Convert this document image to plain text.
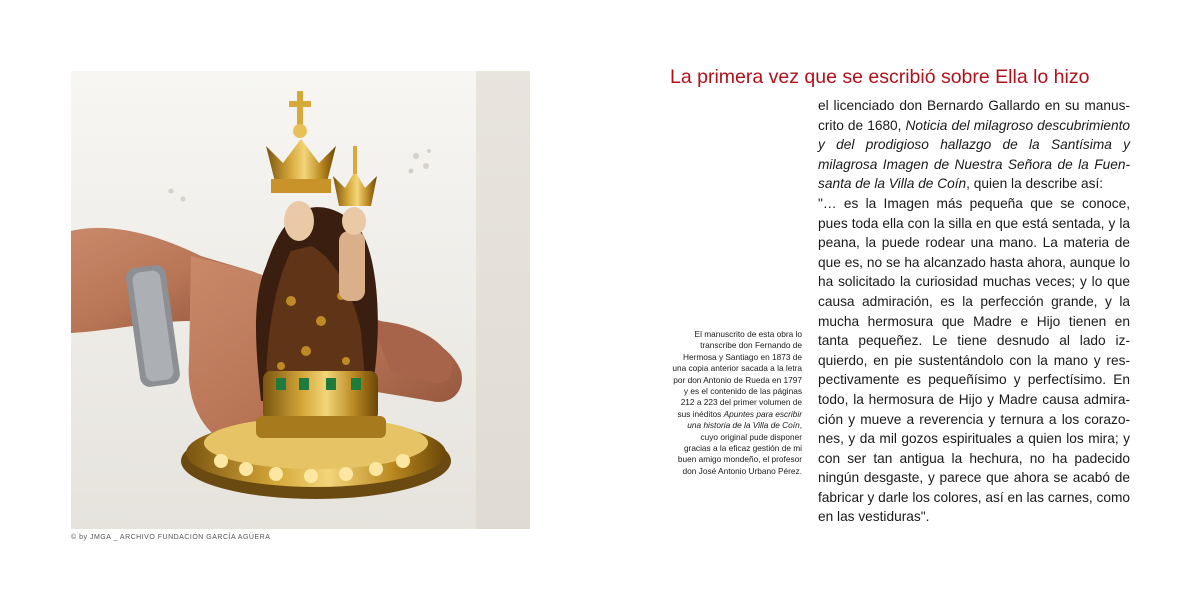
© by JMGA _ ARCHIVO FUNDACIÓN GARCÍA AGÜERA
La primera vez que se escribió sobre Ella lo hizo

el licenciado don Bernardo Gallardo en su manuscrito de 1680, Noticia del milagroso descubrimiento y del prodigioso hallazgo de la Santísima y milagrosa Imagen de Nuestra Señora de la Fuensanta de la Villa de Coín, quien la describe así:

"… es la Imagen más pequeña que se conoce, pues toda ella con la silla en que está sentada, y la peana, la puede rodear una mano. La materia de que es, no se ha alcanzado hasta ahora, aunque lo ha solicitado la curiosidad muchas veces; y lo que causa admiración, es la perfección grande, y la mucha hermosura que Madre e Hijo tienen en tanta pequeñez. Le tiene desnudo al lado izquierdo, en pie sustentándolo con la mano y respectivamente es pequeñísimo y perfectísimo. En todo, la hermosura de Hijo y Madre causa admiración y mueve a reverencia y ternura a los corazones, y da mil gozos espirituales a quien los mira; y con ser tan antigua la hechura, no ha padecido ningún desgaste, y parece que ahora se acabó de fabricar y darle los colores, así en las carnes, como en las vestiduras".

El manuscrito de esta obra lo transcribe don Fernando de Hermosa y Santiago en 1873 de una copia anterior sacada a la letra por don Antonio de Rueda en 1797 y es el contenido de las páginas 212 a 223 del primer volumen de sus inéditos Apuntes para escribir una historia de la Villa de Coín, cuyo original pude disponer gracias a la eficaz gestión de mi buen amigo mondeño, el profesor don José Antonio Urbano Pérez.
